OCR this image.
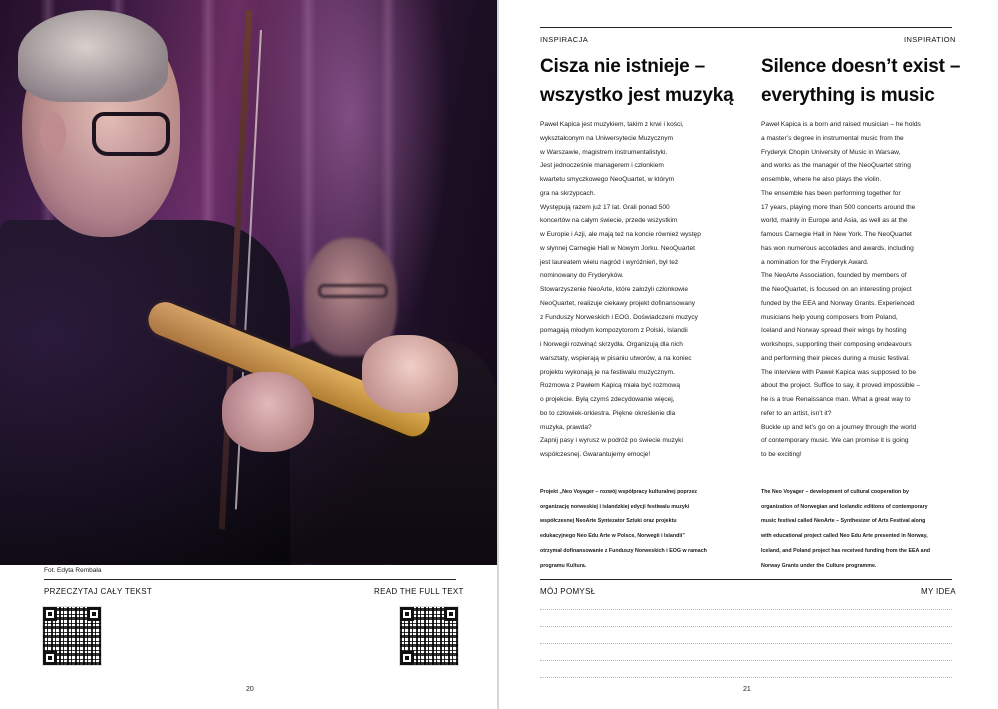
Fot. Edyta Rembała
PRZECZYTAJ CAŁY TEKST	READ THE FULL TEXT
20
INSPIRACJA	INSPIRATION
Cisza nie istnieje –
wszystko jest muzyką
Silence doesn’t exist –
everything is music

Paweł Kapica jest muzykiem, takim z krwi i kości,
wykształconym na Uniwersytecie Muzycznym
w Warszawie, magistrem instrumentalistyki.
Jest jednocześnie managerem i członkiem
kwartetu smyczkowego NeoQuartet, w którym
gra na skrzypcach.
Występują razem już 17 lat. Grali ponad 500
koncertów na całym świecie, przede wszystkim
w Europie i Azji, ale mają też na koncie również występ
w słynnej Carnegie Hall w Nowym Jorku. NeoQuartet
jest laureatem wielu nagród i wyróżnień, był też
nominowany do Fryderyków.
Stowarzyszenie NeoArte, które założyli członkowie
NeoQuartet, realizuje ciekawy projekt dofinansowany
z Funduszy Norweskich i EOG. Doświadczeni muzycy
pomagają młodym kompozytorom z Polski, Islandii
i Norwegii rozwinąć skrzydła. Organizują dla nich
warsztaty, wspierają w pisaniu utworów, a na koniec
projektu wykonają je na festiwalu muzycznym.
Rozmowa z Pawłem Kapicą miała być rozmową
o projekcie. Byłą czymś zdecydowanie więcej,
bo to człowiek-orkiestra. Piękne określenie dla
muzyka, prawda?
Zapnij pasy i wyrusz w podróż po świecie muzyki
współczesnej. Gwarantujemy emocje!

Paweł Kapica is a born and raised musician – he holds
a master’s degree in instrumental music from the
Fryderyk Chopin University of Music in Warsaw,
and works as the manager of the NeoQuartet string
ensemble, where he also plays the violin.
The ensemble has been performing together for
17 years, playing more than 500 concerts around the
world, mainly in Europe and Asia, as well as at the
famous Carnegie Hall in New York. The NeoQuartet
has won numerous accolades and awards, including
a nomination for the Fryderyk Award.
The NeoArte Association, founded by members of
the NeoQuartet, is focused on an interesting project
funded by the EEA and Norway Grants. Experienced
musicians help young composers from Poland,
Iceland and Norway spread their wings by hosting
workshops, supporting their composing endeavours
and performing their pieces during a music festival.
The interview with Paweł Kapica was supposed to be
about the project. Suffice to say, it proved impossible –
he is a true Renaissance man. What a great way to
refer to an artist, isn’t it?
Buckle up and let’s go on a journey through the world
of contemporary music. We can promise it is going
to be exciting!

Projekt „Neo Voyager – rozwój współpracy kulturalnej poprzez
organizację norweskiej i islandzkiej edycji festiwalu muzyki
współczesnej NeoArte Syntezator Sztuki oraz projektu
edukacyjnego Neo Edu Arte w Polsce, Norwegii i Islandii”
otrzymał dofinansowanie z Funduszy Norweskich i EOG w ramach
programu Kultura.

The Neo Voyager – development of cultural cooperation by
organization of Norwegian and Icelandic editions of contemporary
music festival called NeoArte – Synthesizer of Arts Festival along
with educational project called Neo Edu Arte presented in Norway,
Iceland, and Poland project has received funding from the EEA and
Norway Grants under the Culture programme.

MÓJ POMYSŁ	MY IDEA
21
